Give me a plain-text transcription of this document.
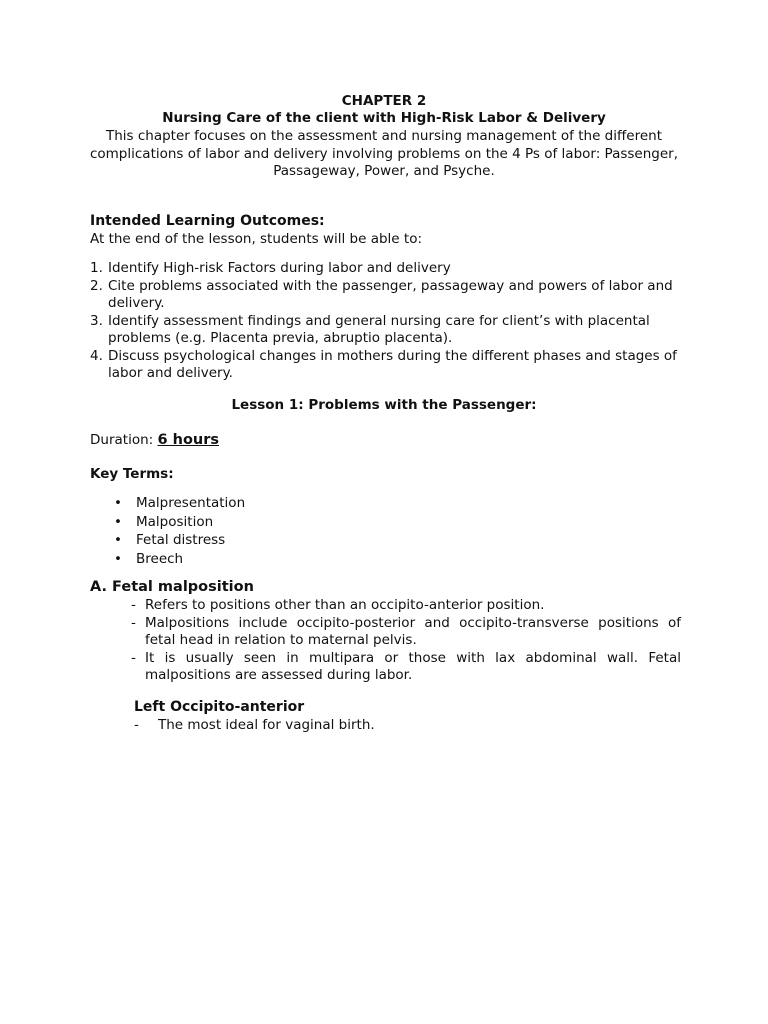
CHAPTER 2
Nursing Care of the client with High-Risk Labor & Delivery
This chapter focuses on the assessment and nursing management of the different complications of labor and delivery involving problems on the 4 Ps of labor: Passenger, Passageway, Power, and Psyche.
Intended Learning Outcomes:
At the end of the lesson, students will be able to:
1. Identify High-risk Factors during labor and delivery
2. Cite problems associated with the passenger, passageway and powers of labor and delivery.
3. Identify assessment findings and general nursing care for client’s with placental problems (e.g. Placenta previa, abruptio placenta).
4. Discuss psychological changes in mothers during the different phases and stages of labor and delivery.
Lesson 1: Problems with the Passenger:
Duration: 6 hours
Key Terms:
•	Malpresentation
•	Malposition
•	Fetal distress
•	Breech
A. Fetal malposition
- Refers to positions other than an occipito-anterior position.
- Malpositions include occipito-posterior and occipito-transverse positions of fetal head in relation to maternal pelvis.
- It is usually seen in multipara or those with lax abdominal wall. Fetal malpositions are assessed during labor.
Left Occipito-anterior
-	The most ideal for vaginal birth.
